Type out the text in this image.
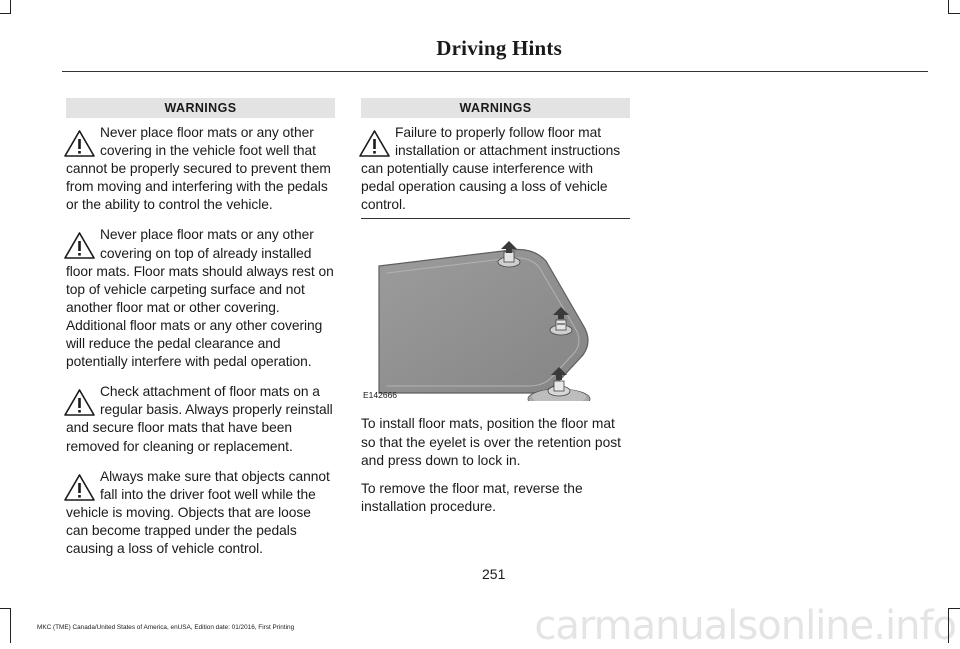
Driving Hints
WARNINGS
Never place floor mats or any other covering in the vehicle foot well that cannot be properly secured to prevent them from moving and interfering with the pedals or the ability to control the vehicle.
Never place floor mats or any other covering on top of already installed floor mats. Floor mats should always rest on top of vehicle carpeting surface and not another floor mat or other covering. Additional floor mats or any other covering will reduce the pedal clearance and potentially interfere with pedal operation.
Check attachment of floor mats on a regular basis. Always properly reinstall and secure floor mats that have been removed for cleaning or replacement.
Always make sure that objects cannot fall into the driver foot well while the vehicle is moving. Objects that are loose can become trapped under the pedals causing a loss of vehicle control.
WARNINGS
Failure to properly follow floor mat installation or attachment instructions can potentially cause interference with pedal operation causing a loss of vehicle control.
E142666

To install floor mats, position the floor mat so that the eyelet is over the retention post and press down to lock in.

To remove the floor mat, reverse the installation procedure.

251
MKC (TME) Canada/United States of America, enUSA, Edition date: 01/2016, First Printing	carmanualsonline.info
